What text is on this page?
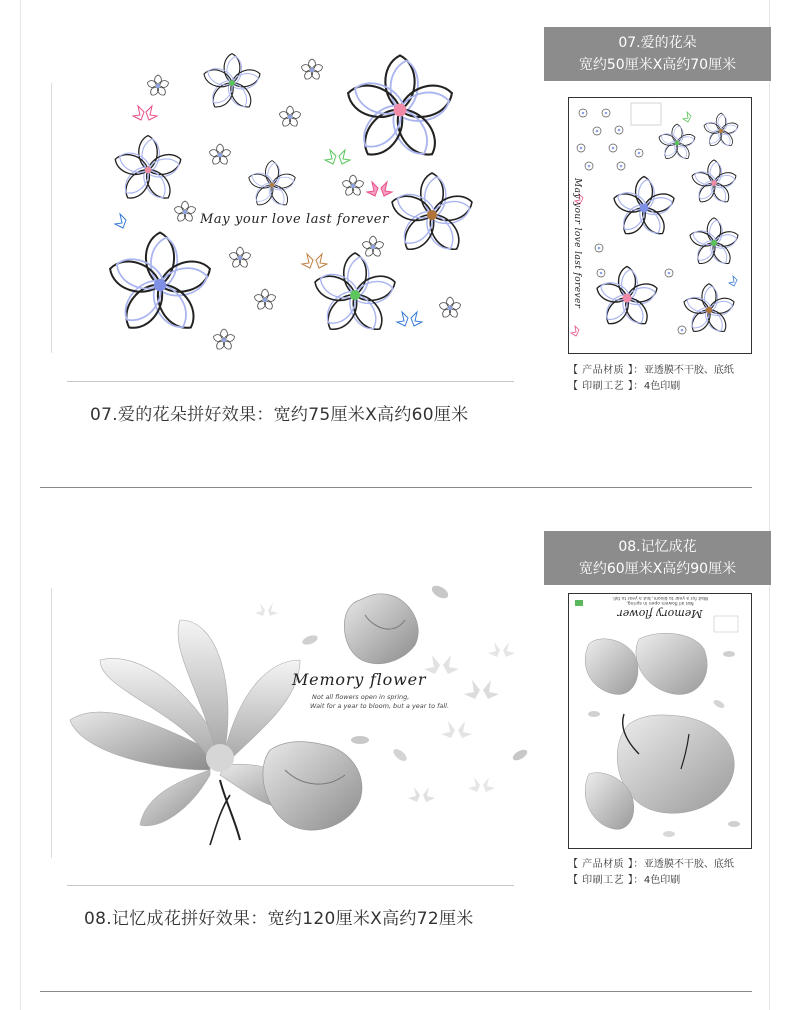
May your love last forever
07.爱的花朵拼好效果：宽约75厘米X高约60厘米
07.爱的花朵
宽约50厘米X高约70厘米
May your love last forever
【 产品材质 】：亚透膜不干胶、底纸
【 印刷工艺 】：4色印刷
Memory flower
Not all flowers open in spring,
Wait for a year to bloom, but a year to fall.
08.记忆成花拼好效果：宽约120厘米X高约72厘米
08.记忆成花
宽约60厘米X高约90厘米
Memory flower
Not all flowers open in spring,
Wait for a year to bloom, but a year to fall.
【 产品材质 】：亚透膜不干胶、底纸
【 印刷工艺 】：4色印刷
